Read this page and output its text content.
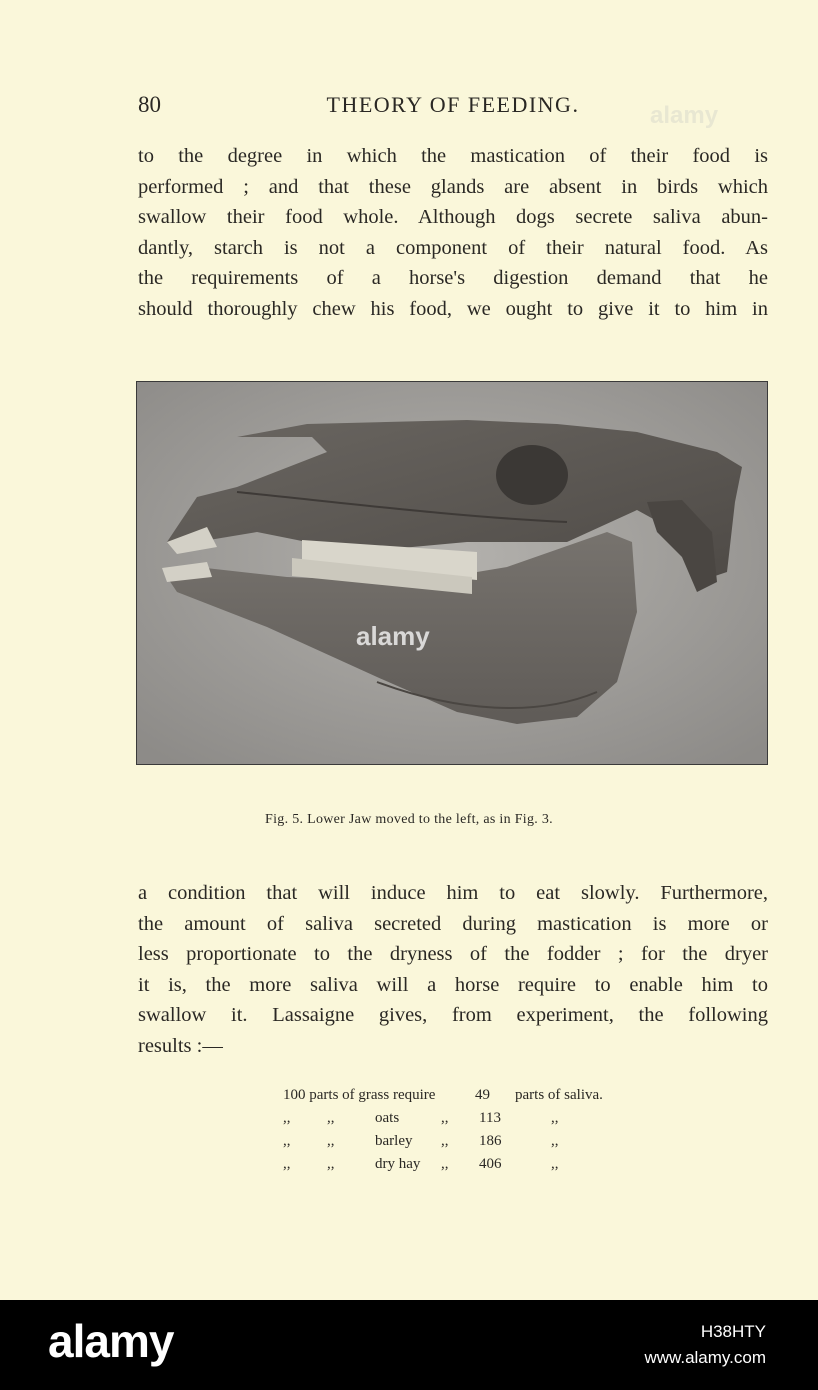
80	THEORY OF FEEDING.	alamy
to the degree in which the mastication of their food is
performed ; and that these glands are absent in birds which
swallow their food whole. Although dogs secrete saliva abun-
dantly, starch is not a component of their natural food. As
the requirements of a horse's digestion demand that he
should thoroughly chew his food, we ought to give it to him in
alamy
Fig. 5. Lower Jaw moved to the left, as in Fig. 3.
a condition that will induce him to eat slowly. Furthermore,
the amount of saliva secreted during mastication is more or
less proportionate to the dryness of the fodder ; for the dryer
it is, the more saliva will a horse require to enable him to
swallow it. Lassaigne gives, from experiment, the following
results :—
100 parts of grass require	49 parts of saliva.
,, ,,	oats	,, 113	,,
,, ,,	barley ,, 186	,,
,, ,,	dry hay ,, 406	,,
alamy	H38HTY
www.alamy.com
